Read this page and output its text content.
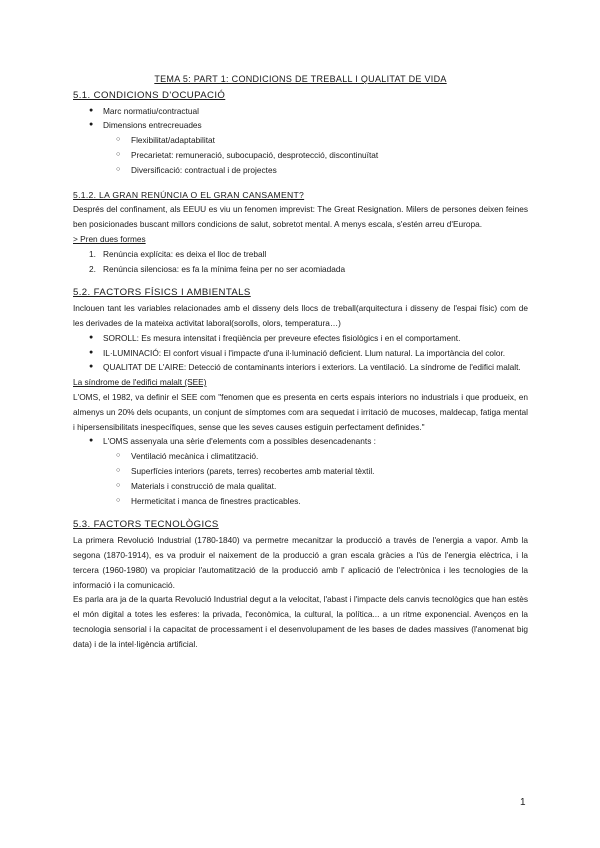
TEMA 5: PART 1: CONDICIONS DE TREBALL I QUALITAT DE VIDA
5.1. CONDICIONS D'OCUPACIÓ
● Marc normatiu/contractual
● Dimensions entrecreuades
○ Flexibilitat/adaptabilitat
○ Precarietat: remuneració, subocupació, desprotecció, discontinuïtat
○ Diversificació: contractual i de projectes
5.1.2. LA GRAN RENÚNCIA O EL GRAN CANSAMENT?

Després del confinament, als EEUU es viu un fenomen imprevist: The Great Resignation. Milers de persones deixen feines ben posicionades buscant millors condicions de salut, sobretot mental. A menys escala, s'estén arreu d'Europa.

> Pren dues formes
1. Renúncia explícita: es deixa el lloc de treball
2. Renúncia silenciosa: es fa la mínima feina per no ser acomiadada
5.2. FACTORS FÍSICS I AMBIENTALS

Inclouen tant les variables relacionades amb el disseny dels llocs de treball(arquitectura i disseny de l'espai físic) com de les derivades de la mateixa activitat laboral(sorolls, olors, temperatura…)

● SOROLL: Es mesura intensitat i freqüència per preveure efectes fisiològics i en el comportament.
● IL·LUMINACIÓ: El confort visual i l'impacte d'una il·luminació deficient. Llum natural. La importància del color.
● QUALITAT DE L'AIRE: Detecció de contaminants interiors i exteriors. La ventilació. La síndrome de l'edifici malalt.
La síndrome de l'edifici malalt (SEE)

L'OMS, el 1982, va definir el SEE com "fenomen que es presenta en certs espais interiors no industrials i que produeix, en almenys un 20% dels ocupants, un conjunt de símptomes com ara sequedat i irritació de mucoses, maldecap, fatiga mental i hipersensibilitats inespecífiques, sense que les seves causes estiguin perfectament definides."

● L'OMS assenyala una sèrie d'elements com a possibles desencadenants :
○ Ventilació mecànica i climatització.
○ Superfícies interiors (parets, terres) recobertes amb material tèxtil.
○ Materials i construcció de mala qualitat.
○ Hermeticitat i manca de finestres practicables.
5.3. FACTORS TECNOLÒGICS

La primera Revolució Industrial (1780-1840) va permetre mecanitzar la producció a través de l'energia a vapor. Amb la segona (1870-1914), es va produir el naixement de la producció a gran escala gràcies a l'ús de l'energia elèctrica, i la tercera (1960-1980) va propiciar l'automatització de la producció amb l' aplicació de l'electrònica i les tecnologies de la informació i la comunicació.

Es parla ara ja de la quarta Revolució Industrial degut a la velocitat, l'abast i l'impacte dels canvis tecnològics que han estès el món digital a totes les esferes: la privada, l'econòmica, la cultural, la política... a un ritme exponencial. Avenços en la tecnologia sensorial i la capacitat de processament i el desenvolupament de les bases de dades massives (l'anomenat big data) i de la intel·ligència artificial.

1
